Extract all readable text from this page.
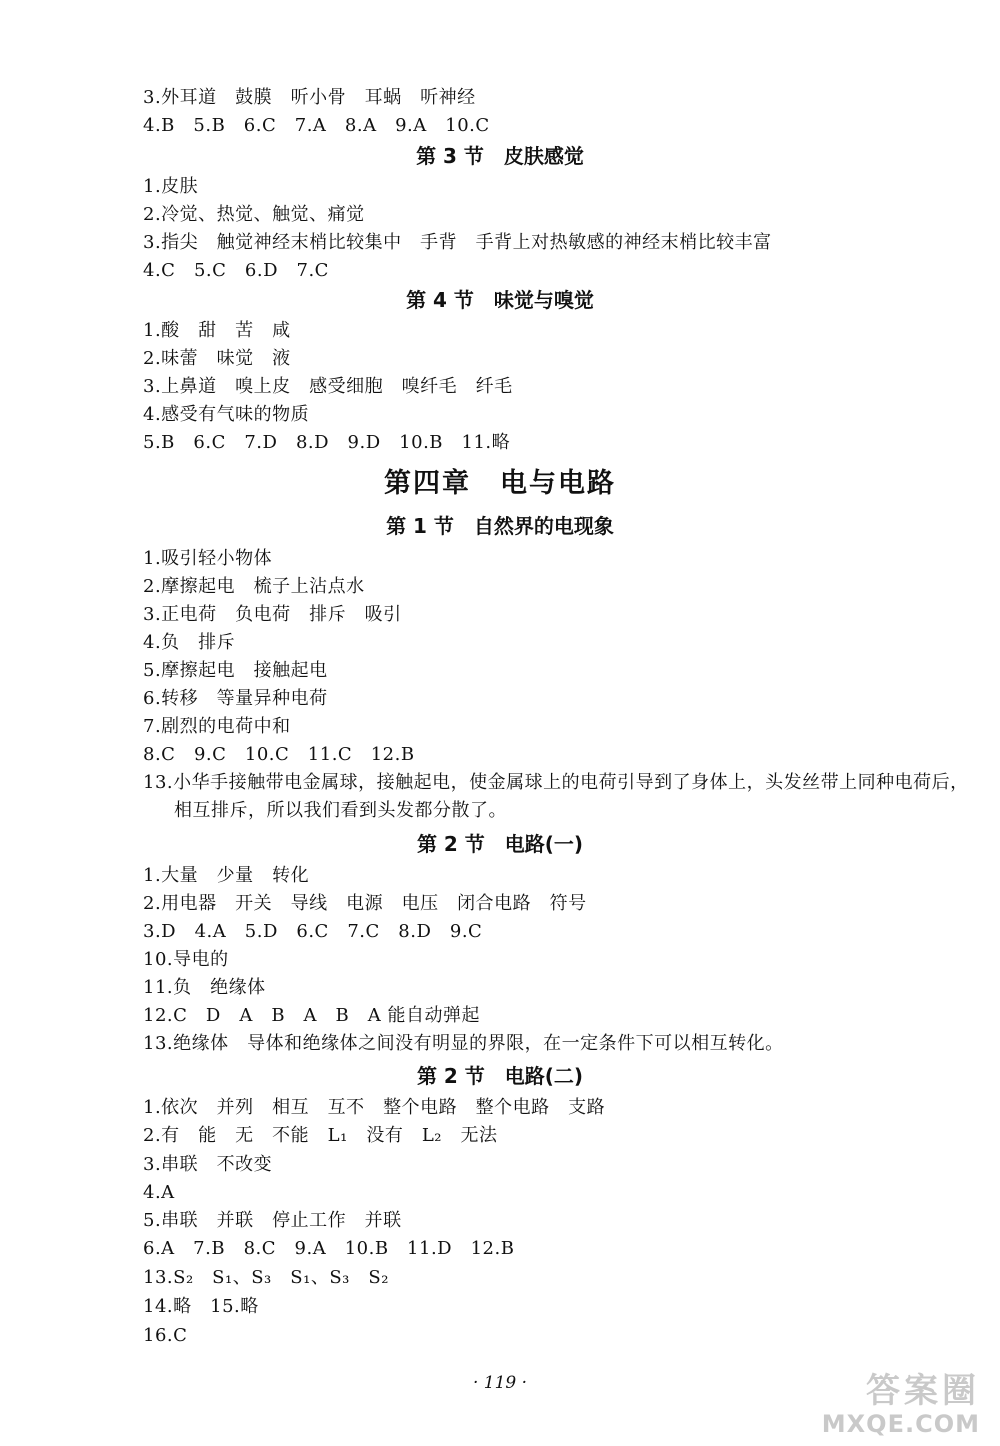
3.外耳道　鼓膜　听小骨　耳蜗　听神经
4.B　5.B　6.C　7.A　8.A　9.A　10.C
第 3 节　皮肤感觉
1.皮肤
2.冷觉、热觉、触觉、痛觉
3.指尖　触觉神经末梢比较集中　手背　手背上对热敏感的神经末梢比较丰富
4.C　5.C　6.D　7.C
第 4 节　味觉与嗅觉
1.酸　甜　苦　咸
2.味蕾　味觉　液
3.上鼻道　嗅上皮　感受细胞　嗅纤毛　纤毛
4.感受有气味的物质
5.B　6.C　7.D　8.D　9.D　10.B　11.略
第四章　电与电路
第 1 节　自然界的电现象
1.吸引轻小物体
2.摩擦起电　梳子上沾点水
3.正电荷　负电荷　排斥　吸引
4.负　排斥
5.摩擦起电　接触起电
6.转移　等量异种电荷
7.剧烈的电荷中和
8.C　9.C　10.C　11.C　12.B
13.小华手接触带电金属球，接触起电，使金属球上的电荷引导到了身体上，头发丝带上同种电荷后，
相互排斥，所以我们看到头发都分散了。
第 2 节　电路(一)
1.大量　少量　转化
2.用电器　开关　导线　电源　电压　闭合电路　符号
3.D　4.A　5.D　6.C　7.C　8.D　9.C
10.导电的
11.负　绝缘体
12.C　D　A　B　A　B　A 能自动弹起
13.绝缘体　导体和绝缘体之间没有明显的界限，在一定条件下可以相互转化。
第 2 节　电路(二)
1.依次　并列　相互　互不　整个电路　整个电路　支路
2.有　能　无　不能　L₁　没有　L₂　无法
3.串联　不改变
4.A
5.串联　并联　停止工作　并联
6.A　7.B　8.C　9.A　10.B　11.D　12.B
13.S₂　S₁、S₃　S₁、S₃　S₂
14.略　15.略
16.C
· 119 ·	答案圈
MXQE.COM
